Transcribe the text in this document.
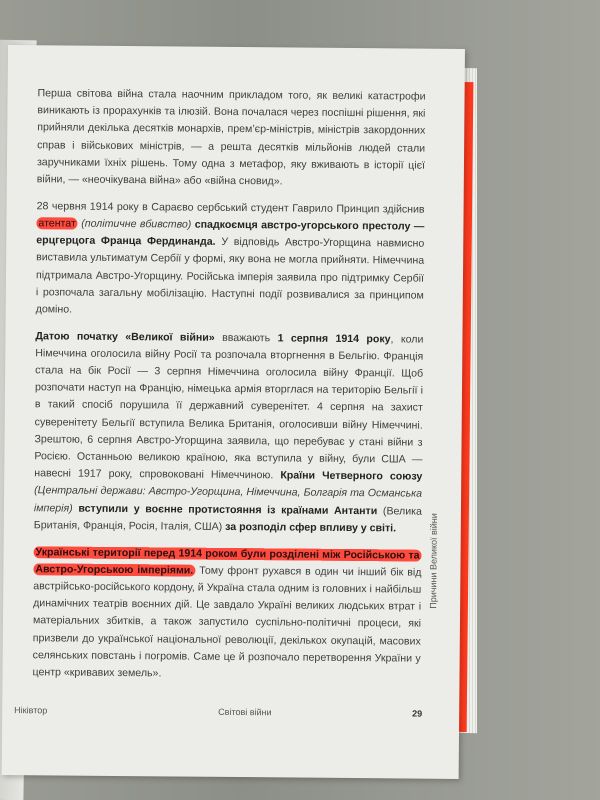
Перша світова війна стала наочним прикладом того, як великі катастрофи виникають із прорахунків та ілюзій. Вона почалася через поспішні рішення, які прийняли декілька десятків монархів, прем’єр-міністрів, міністрів закордонних справ і військових міністрів, — а решта десятків мільйонів людей стали заручниками їхніх рішень. Тому одна з метафор, яку вживають в історії цієї війни, — «неочікувана війна» або «війна сновид».

28 червня 1914 року в Сараєво сербський студент Гаврило Принцип здійснив атентат (політичне вбивство) спадкоємця австро-угорського престолу — ерцгерцога Франца Фердинанда. У відповідь Австро-Угорщина навмисно виставила ультиматум Сербії у формі, яку вона не могла прийняти. Німеччина підтримала Австро-Угорщину. Російська імперія заявила про підтримку Сербії і розпочала загальну мобілізацію. Наступні події розвивалися за принципом доміно.

Датою початку «Великої війни» вважають 1 серпня 1914 року, коли Німеччина оголосила війну Росії та розпочала вторгнення в Бельгію. Франція стала на бік Росії — 3 серпня Німеччина оголосила війну Франції. Щоб розпочати наступ на Францію, німецька армія вторглася на територію Бельгії і в такий спосіб порушила її державний суверенітет. 4 серпня на захист суверенітету Бельгії вступила Велика Британія, оголосивши війну Німеччині. Зрештою, 6 серпня Австро-Угорщина заявила, що перебуває у стані війни з Росією. Останньою великою країною, яка вступила у війну, були США — навесні 1917 року, спровоковані Німеччиною. Країни Четверного союзу (Центральні держави: Австро-Угорщина, Німеччина, Болгарія та Османська імперія) вступили у воєнне протистояння із країнами Антанти (Велика Британія, Франція, Росія, Італія, США) за розподіл сфер впливу у світі.

Українські території перед 1914 роком були розділені між Російською та Австро-Угорською імперіями. Тому фронт рухався в один чи інший бік від австрійсько-російського кордону, й Україна стала одним із головних і найбільш динамічних театрів воєнних дій. Це завдало Україні великих людських втрат і матеріальних збитків, а також запустило суспільно-політичні процеси, які призвели до української національної революції, декількох окупацій, масових селянських повстань і погромів. Саме це й розпочало перетворення України у центр «кривавих земель».

Причини Великої війни
Ніківтор	Світові війни	29
